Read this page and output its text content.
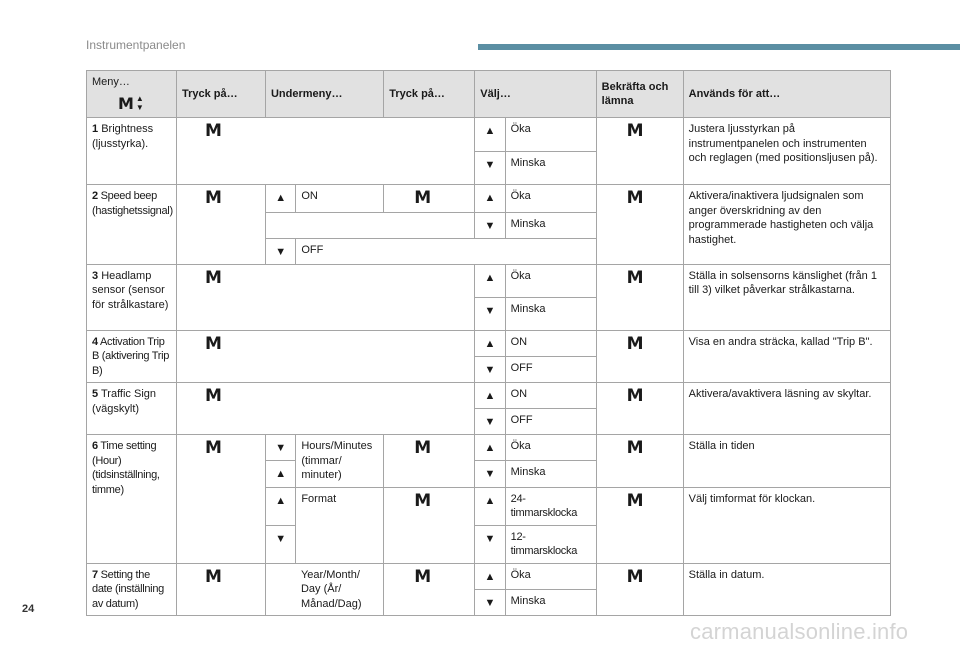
Instrumentpanelen
Meny…
M ▲
▼	Tryck på…	Undermeny…		Tryck på…	Välj…		Bekräfta och lämna	Används för att…
1 Brightness (ljusstyrka).	M				▲	Öka	M	Justera ljusstyrkan på instrumentpanelen och instrumenten och reglagen (med positionsljusen på).
					▼	Minska		
2 Speed beep (hastighetssignal)	M	▲	ON	M	▲	Öka	M	Aktivera/inaktivera ljudsignalen som anger överskridning av den programmerade hastigheten och välja hastighet.
					▼	Minska		
		▼	OFF					
3 Headlamp sensor (sensor för strålkastare)	M				▲	Öka	M	Ställa in solsensorns känslighet (från 1 till 3) vilket påverkar strålkastarna.
					▼	Minska		
4 Activation Trip B (aktivering Trip B)	M				▲	ON	M	Visa en andra sträcka, kallad "Trip B".
					▼	OFF		
5 Traffic Sign (vägskylt)	M				▲	ON	M	Aktivera/avaktivera läsning av skyltar.
					▼	OFF		
6 Time setting (Hour) (tidsinställning, timme)	M	▼	Hours/Minutes (timmar/ minuter)	M	▲	Öka	M	Ställa in tiden
		▲			▼	Minska		
		▲	Format	M	▲	24-timmarsklocka	M	Välj timformat för klockan.
		▼			▼	12-timmarsklocka		
7 Setting the date (inställning av datum)	M	Year/Month/ Day (År/ Månad/Dag)		M	▲	Öka	M	Ställa in datum.
					▼	Minska		
24
carmanualsonline.info
